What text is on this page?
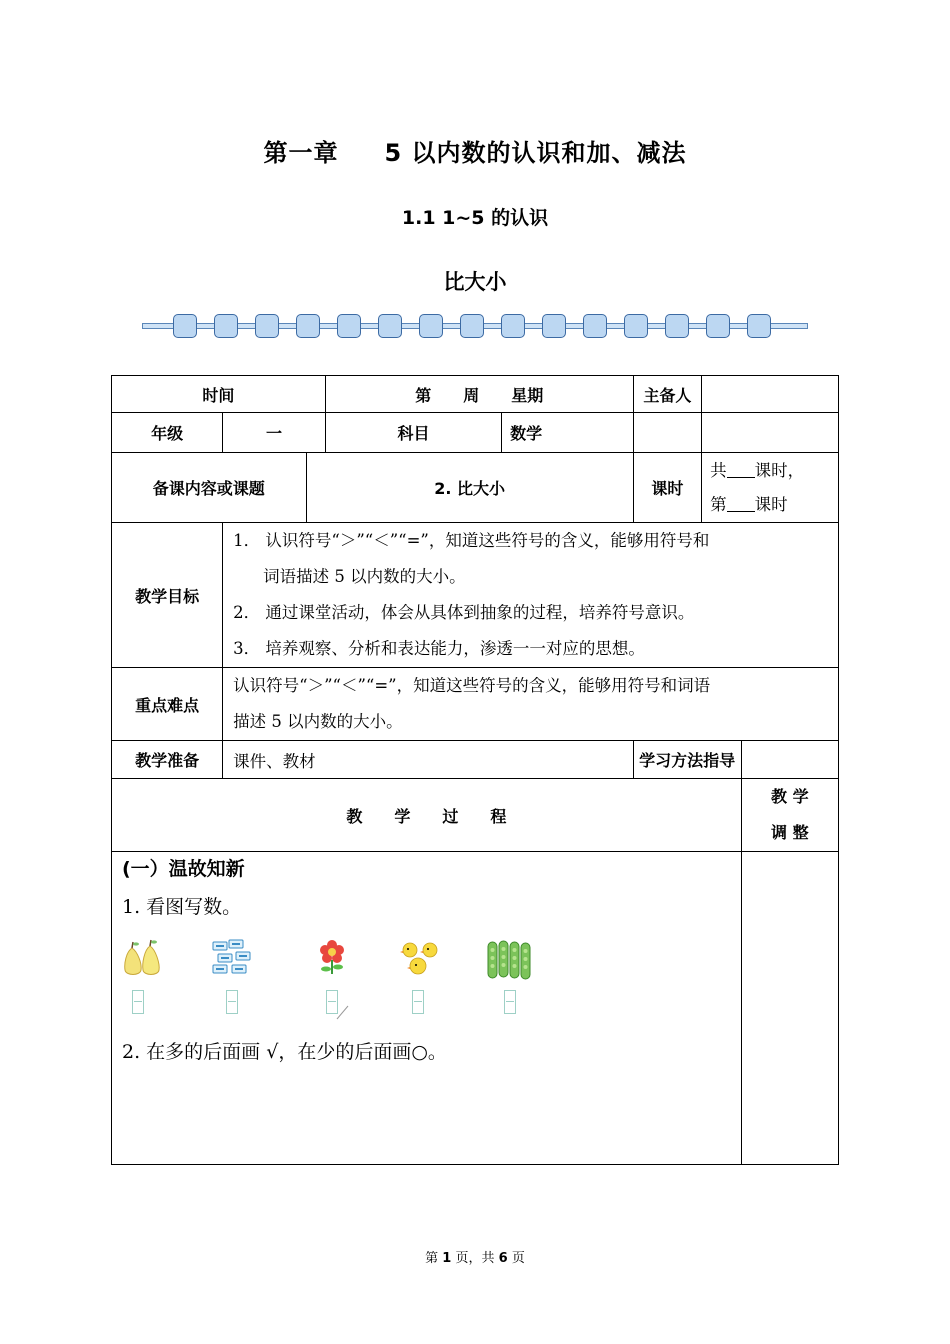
第一章 5 以内数的认识和加、减法
1.1 1~5 的认识
比大小
时间			第　　周　　星期		主备人		
年级	一		科目	数学			
备课内容或课题		2. 比大小			课时	共 课时，
第 课时	

教学目标	1． 认识符号“＞”“＜”“=”，知道这些符号的含义，能够用符号和

词语描述 5 以内数的大小。

2． 通过课堂活动，体会从具体到抽象的过程，培养符号意识。

3． 培养观察、分析和表达能力，渗透一一对应的思想。						

重点难点	认识符号“＞”“＜”“=”，知道这些符号的含义，能够用符号和词语

描述 5 以内数的大小。						

教学准备	课件、教材				学习方法指导		
教　　学　　过　　程							教 学
调 整

(一）温故知新
1. 看图写数。
2. 在多的后面画 √，在少的后面画○。							

第 1 页，共 6 页
